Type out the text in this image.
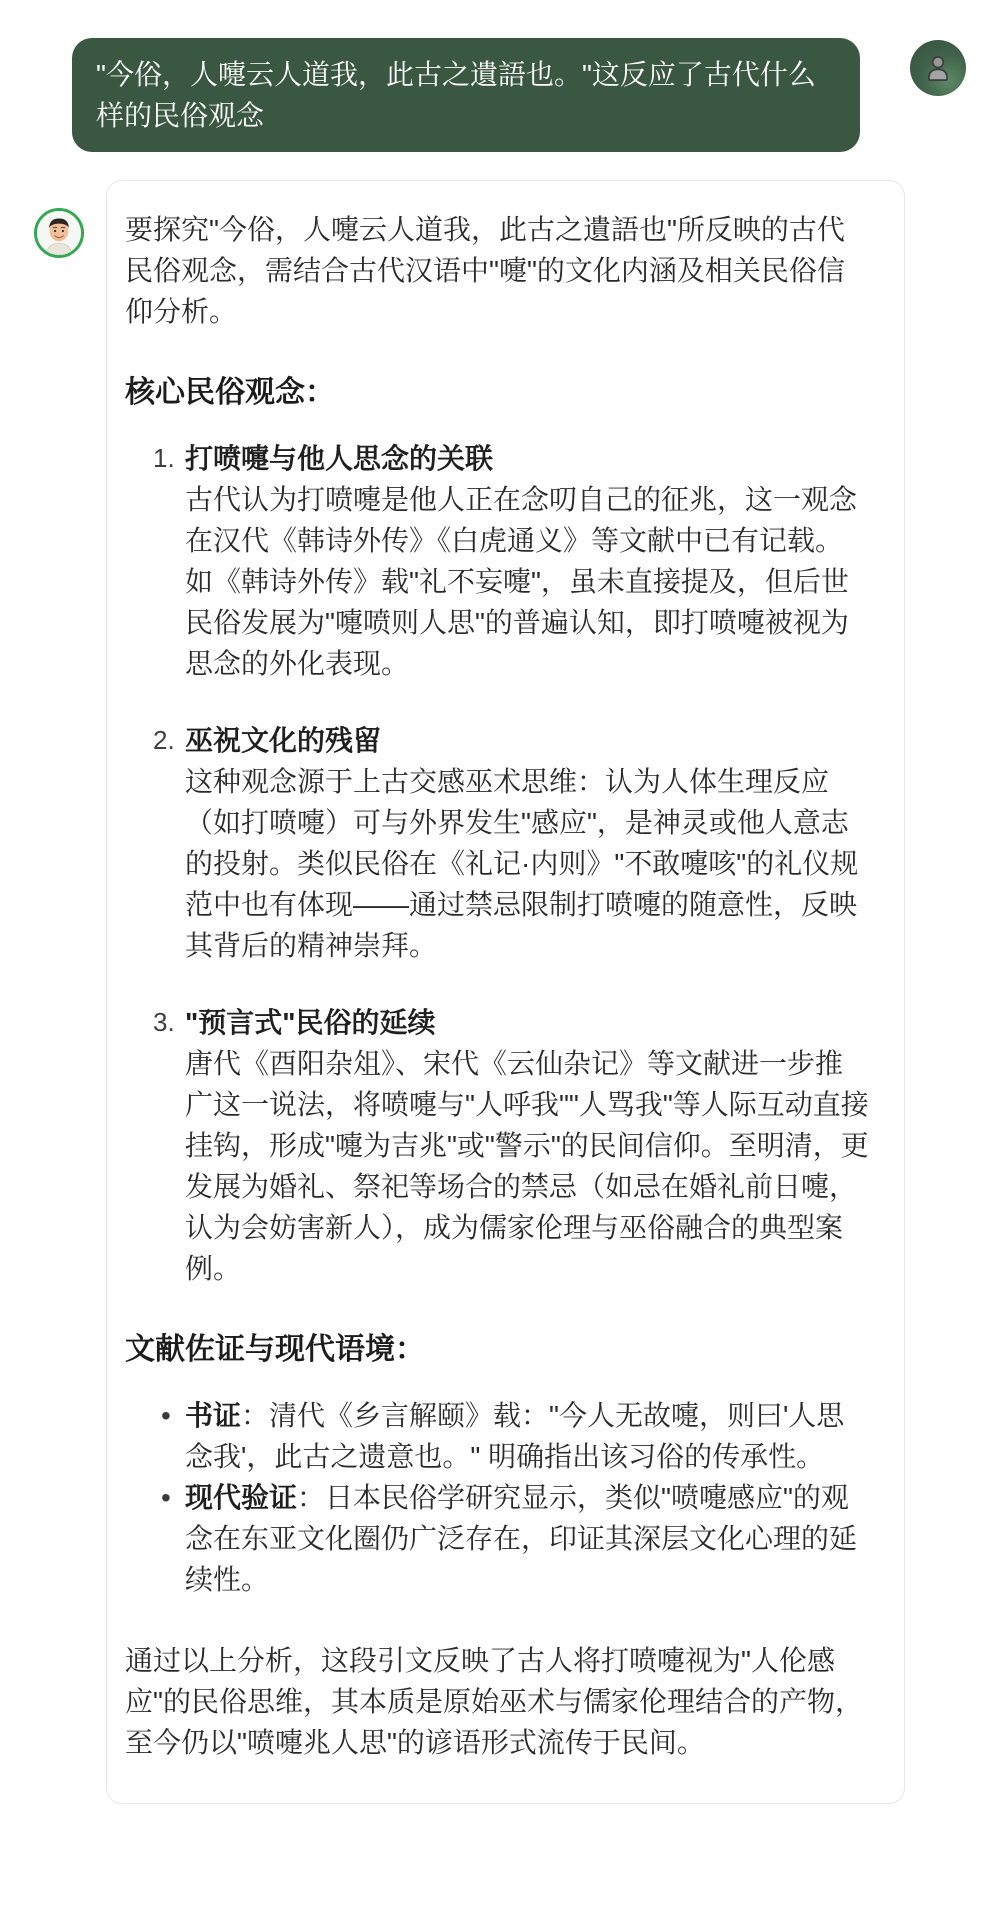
"今俗，人嚏云人道我，此古之遺語也。"这反应了古代什么样的民俗观念

要探究"今俗，人嚏云人道我，此古之遺語也"所反映的古代民俗观念，需结合古代汉语中"嚏"的文化内涵及相关民俗信仰分析。

核心民俗观念：
打喷嚏与他人思念的关联
古代认为打喷嚏是他人正在念叨自己的征兆，这一观念在汉代《韩诗外传》《白虎通义》等文献中已有记载。如《韩诗外传》载"礼不妄嚏"，虽未直接提及，但后世民俗发展为"嚏喷则人思"的普遍认知，即打喷嚏被视为思念的外化表现。
巫祝文化的残留
这种观念源于上古交感巫术思维：认为人体生理反应（如打喷嚏）可与外界发生"感应"，是神灵或他人意志的投射。类似民俗在《礼记·内则》"不敢嚏咳"的礼仪规范中也有体现——通过禁忌限制打喷嚏的随意性，反映其背后的精神崇拜。
"预言式"民俗的延续
唐代《酉阳杂俎》、宋代《云仙杂记》等文献进一步推广这一说法，将喷嚏与"人呼我""人骂我"等人际互动直接挂钩，形成"嚏为吉兆"或"警示"的民间信仰。至明清，更发展为婚礼、祭祀等场合的禁忌（如忌在婚礼前日嚏，认为会妨害新人），成为儒家伦理与巫俗融合的典型案例。
文献佐证与现代语境：
• 书证：清代《乡言解颐》载："今人无故嚏，则曰'人思念我'，此古之遗意也。" 明确指出该习俗的传承性。
• 现代验证：日本民俗学研究显示，类似"喷嚏感应"的观念在东亚文化圈仍广泛存在，印证其深层文化心理的延续性。

通过以上分析，这段引文反映了古人将打喷嚏视为"人伦感应"的民俗思维，其本质是原始巫术与儒家伦理结合的产物，至今仍以"喷嚏兆人思"的谚语形式流传于民间。
